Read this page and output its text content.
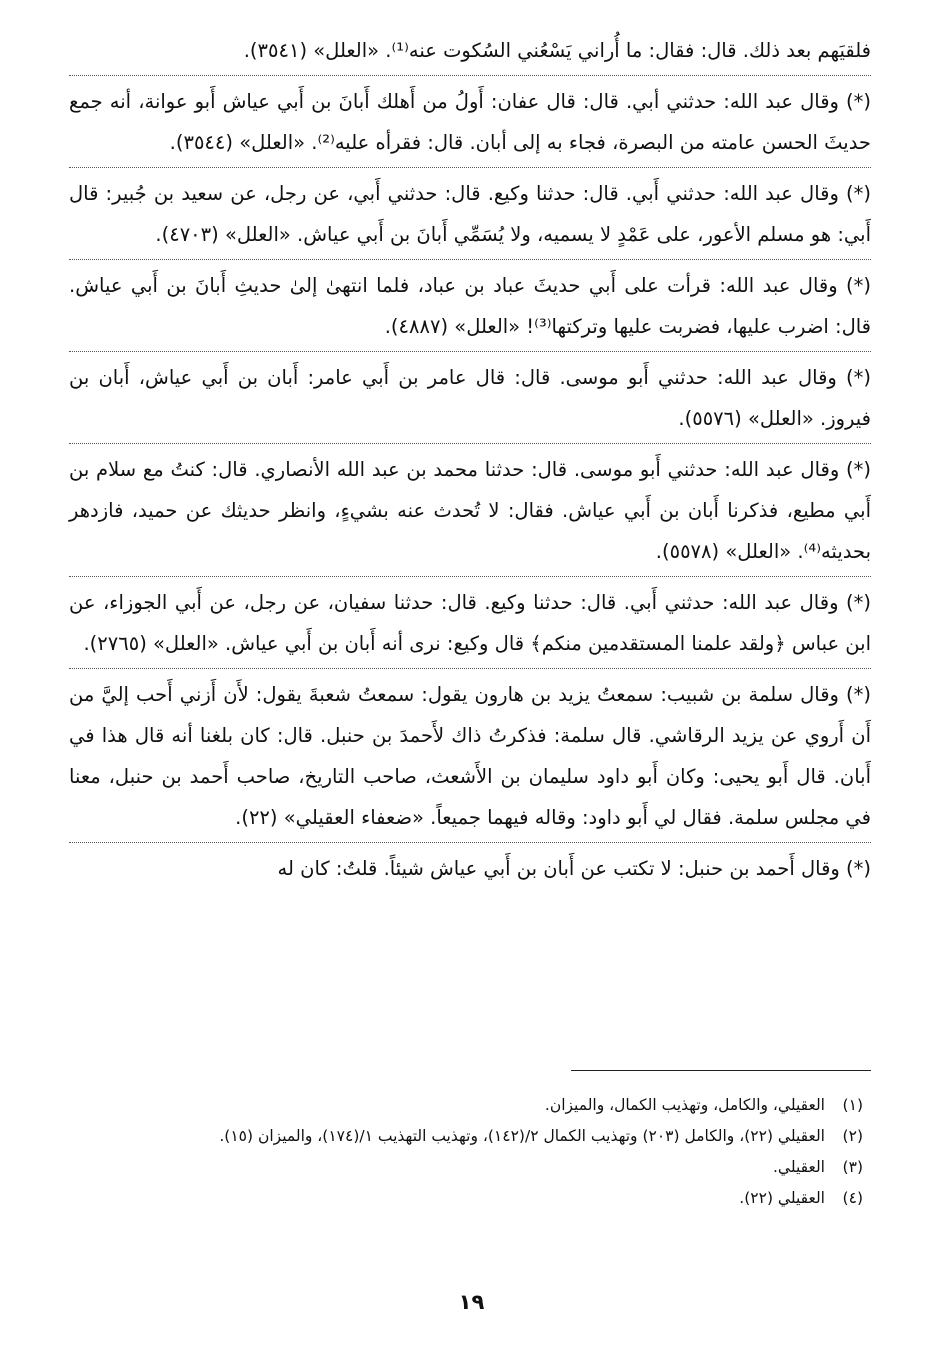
فلقيَهم بعد ذلك. قال: فقال: ما أُراني يَسْعُني السُكوت عنه⁽¹⁾. «العلل» (٣٥٤١).

(*) وقال عبد الله: حدثني أبي. قال: قال عفان: أَولُ من أَهلك أَبانَ بن أَبي عياش أَبو عوانة، أنه جمع حديثَ الحسن عامته من البصرة، فجاء به إلى أبان. قال: فقرأه عليه⁽²⁾. «العلل» (٣٥٤٤).

(*) وقال عبد الله: حدثني أَبي. قال: حدثنا وكيع. قال: حدثني أَبي، عن رجل، عن سعيد بن جُبير: قال أَبي: هو مسلم الأعور، على عَمْدٍ لا يسميه، ولا يُسَمِّي أَبانَ بن أَبي عياش. «العلل» (٤٧٠٣).

(*) وقال عبد الله: قرأت على أَبي حديثَ عباد بن عباد، فلما انتهىٰ إلىٰ حديثِ أَبانَ بن أَبي عياش. قال: اضرب عليها، فضربت عليها وتركتها⁽³⁾! «العلل» (٤٨٨٧).

(*) وقال عبد الله: حدثني أَبو موسى. قال: قال عامر بن أَبي عامر: أَبان بن أَبي عياش، أَبان بن فيروز. «العلل» (٥٥٧٦).

(*) وقال عبد الله: حدثني أَبو موسى. قال: حدثنا محمد بن عبد الله الأنصاري. قال: كنتُ مع سلام بن أَبي مطيع، فذكرنا أَبان بن أَبي عياش. فقال: لا تُحدث عنه بشيءٍ، وانظر حديثك عن حميد، فازدهر بحديثه⁽⁴⁾. «العلل» (٥٥٧٨).

(*) وقال عبد الله: حدثني أَبي. قال: حدثنا وكيع. قال: حدثنا سفيان، عن رجل، عن أَبي الجوزاء، عن ابن عباس ﴿ولقد علمنا المستقدمين منكم﴾ قال وكيع: نرى أنه أَبان بن أَبي عياش. «العلل» (٢٧٦٥).

(*) وقال سلمة بن شبيب: سمعتُ يزيد بن هارون يقول: سمعتُ شعبةَ يقول: لأَن أَزني أَحب إليَّ من أَن أَروي عن يزيد الرقاشي. قال سلمة: فذكرتُ ذاك لأَحمدَ بن حنبل. قال: كان بلغنا أنه قال هذا في أَبان. قال أَبو يحيى: وكان أَبو داود سليمان بن الأَشعث، صاحب التاريخ، صاحب أَحمد بن حنبل، معنا في مجلس سلمة. فقال لي أَبو داود: وقاله فيهما جميعاً. «ضعفاء العقيلي» (٢٢).

(*) وقال أَحمد بن حنبل: لا تكتب عن أَبان بن أَبي عياش شيئاً. قلتُ: كان له

(١)
العقيلي، والكامل، وتهذيب الكمال، والميزان.
(٢)
العقيلي (٢٢)، والكامل (٢٠٣) وتهذيب الكمال ٢/(١٤٢)، وتهذيب التهذيب ١/(١٧٤)، والميزان (١٥).
(٣)
العقيلي.
(٤)
العقيلي (٢٢).
١٩
